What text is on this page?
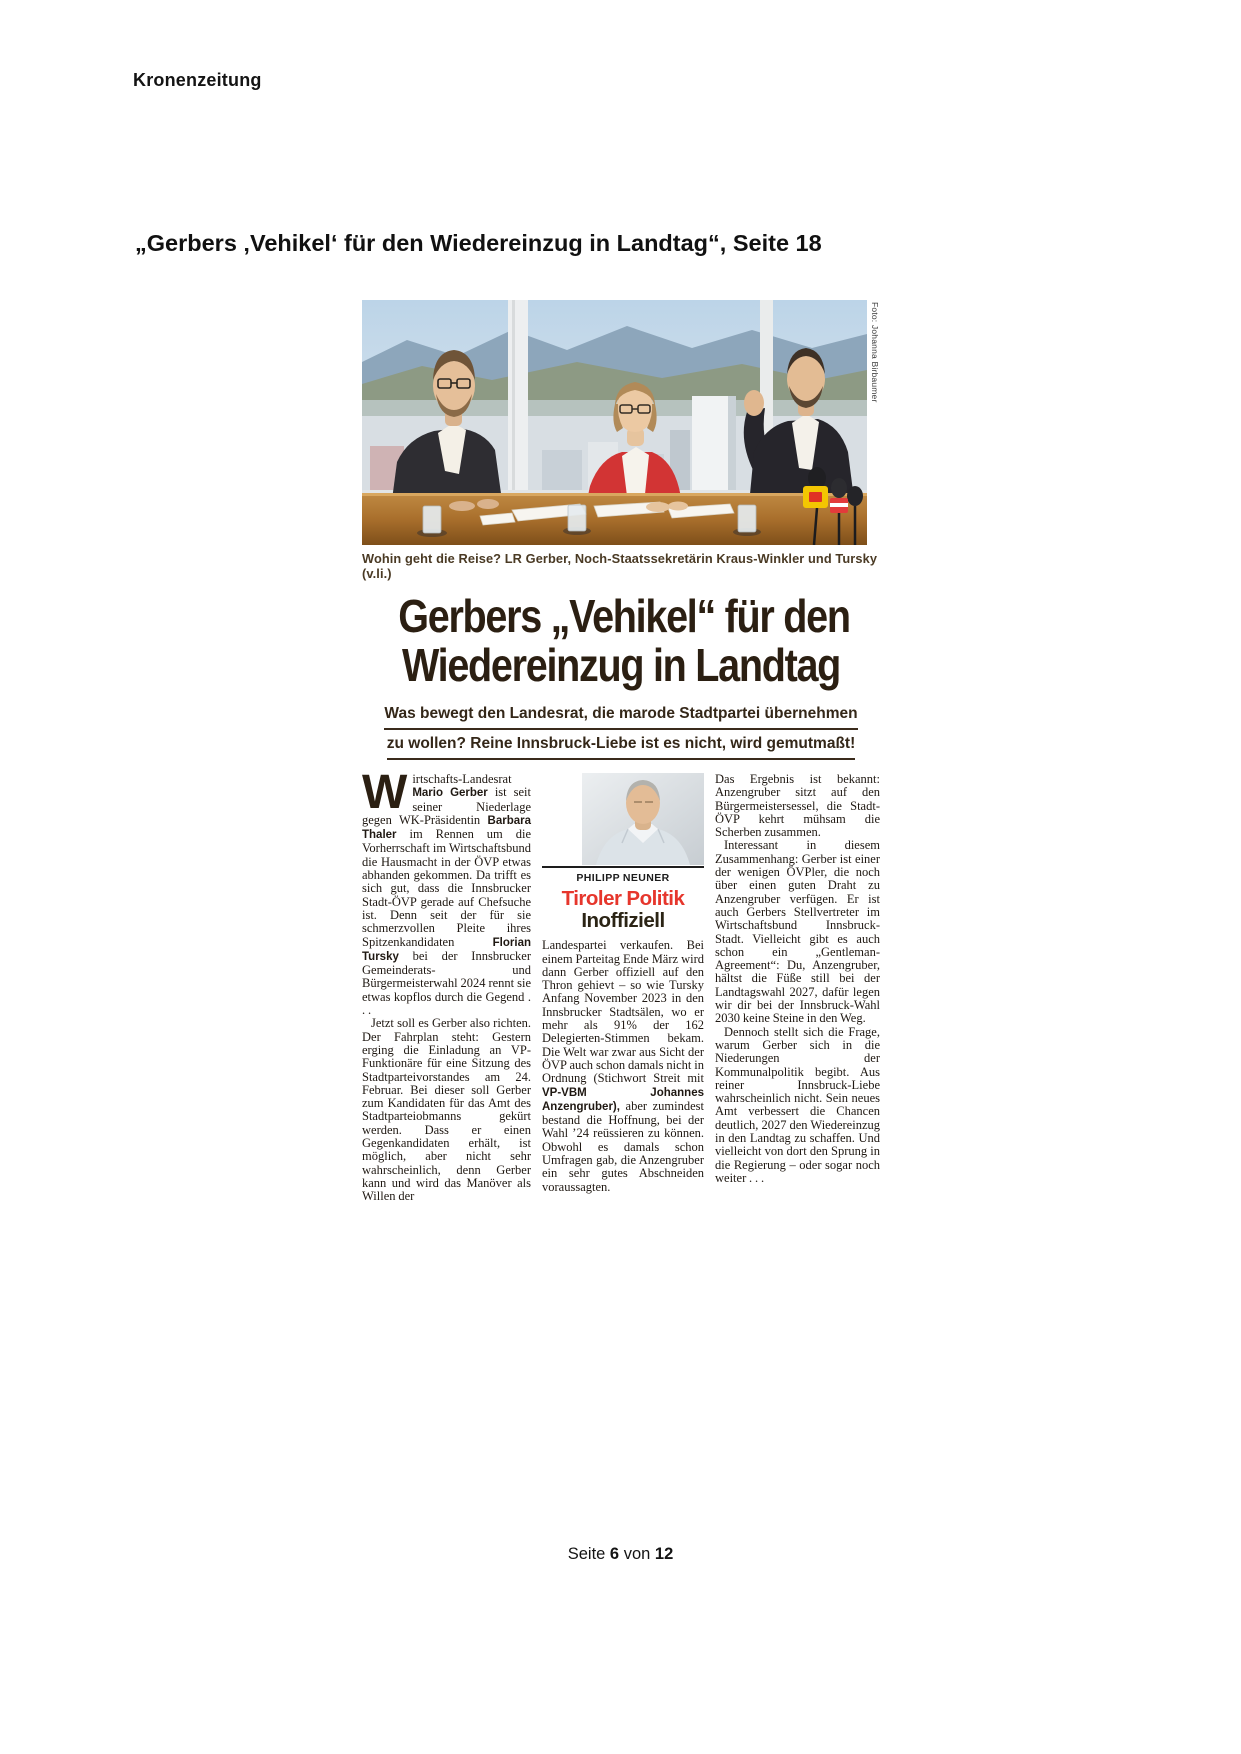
Kronenzeitung
„Gerbers ‚Vehikel‘ für den Wiedereinzug in Landtag“, Seite 18
Foto: Johanna Birbaumer
Wohin geht die Reise? LR Gerber, Noch-Staatssekretärin Kraus-Winkler und Tursky (v.li.)
Gerbers „Vehikel“ für den
Wiedereinzug in Landtag
Was bewegt den Landesrat, die marode Stadtpartei übernehmen
zu wollen? Reine Innsbruck-Liebe ist es nicht, wird gemutmaßt!

Wirtschafts-Landesrat Mario Gerber ist seit seiner Niederlage gegen WK-Präsidentin Barbara Thaler im Rennen um die Vorherrschaft im Wirtschaftsbund die Hausmacht in der ÖVP etwas abhanden gekommen. Da trifft es sich gut, dass die Innsbrucker Stadt-ÖVP gerade auf Chefsuche ist. Denn seit der für sie schmerzvollen Pleite ihres Spitzenkandidaten Florian Tursky bei der Innsbrucker Gemeinderats- und Bürgermeisterwahl 2024 rennt sie etwas kopflos durch die Gegend . . .

Jetzt soll es Gerber also richten. Der Fahrplan steht: Gestern erging die Einladung an VP-Funktionäre für eine Sitzung des Stadtparteivorstandes am 24. Februar. Bei dieser soll Gerber zum Kandidaten für das Amt des Stadtparteiobmanns gekürt werden. Dass er einen Gegenkandidaten erhält, ist möglich, aber nicht sehr wahrscheinlich, denn Gerber kann und wird das Manöver als Willen der

PHILIPP NEUNER
Tiroler Politik
Inoffiziell

Landespartei verkaufen. Bei einem Parteitag Ende März wird dann Gerber offiziell auf den Thron gehievt – so wie Tursky Anfang November 2023 in den Innsbrucker Stadtsälen, wo er mehr als 91% der 162 Delegierten-Stimmen bekam. Die Welt war zwar aus Sicht der ÖVP auch schon damals nicht in Ordnung (Stichwort Streit mit VP-VBM Johannes Anzengruber), aber zumindest bestand die Hoffnung, bei der Wahl ’24 reüssieren zu können. Obwohl es damals schon Umfragen gab, die Anzengruber ein sehr gutes Abschneiden voraussagten.

Das Ergebnis ist bekannt: Anzengruber sitzt auf den Bürgermeistersessel, die Stadt-ÖVP kehrt mühsam die Scherben zusammen.

Interessant in diesem Zusammenhang: Gerber ist einer der wenigen ÖVPler, die noch über einen guten Draht zu Anzengruber verfügen. Er ist auch Gerbers Stellvertreter im Wirtschaftsbund Innsbruck-Stadt. Vielleicht gibt es auch schon ein „Gentleman-Agreement“: Du, Anzengruber, hältst die Füße still bei der Landtagswahl 2027, dafür legen wir dir bei der Innsbruck-Wahl 2030 keine Steine in den Weg.

Dennoch stellt sich die Frage, warum Gerber sich in die Niederungen der Kommunalpolitik begibt. Aus reiner Innsbruck-Liebe wahrscheinlich nicht. Sein neues Amt verbessert die Chancen deutlich, 2027 den Wiedereinzug in den Landtag zu schaffen. Und vielleicht von dort den Sprung in die Regierung – oder sogar noch weiter . . .

Seite 6 von 12
